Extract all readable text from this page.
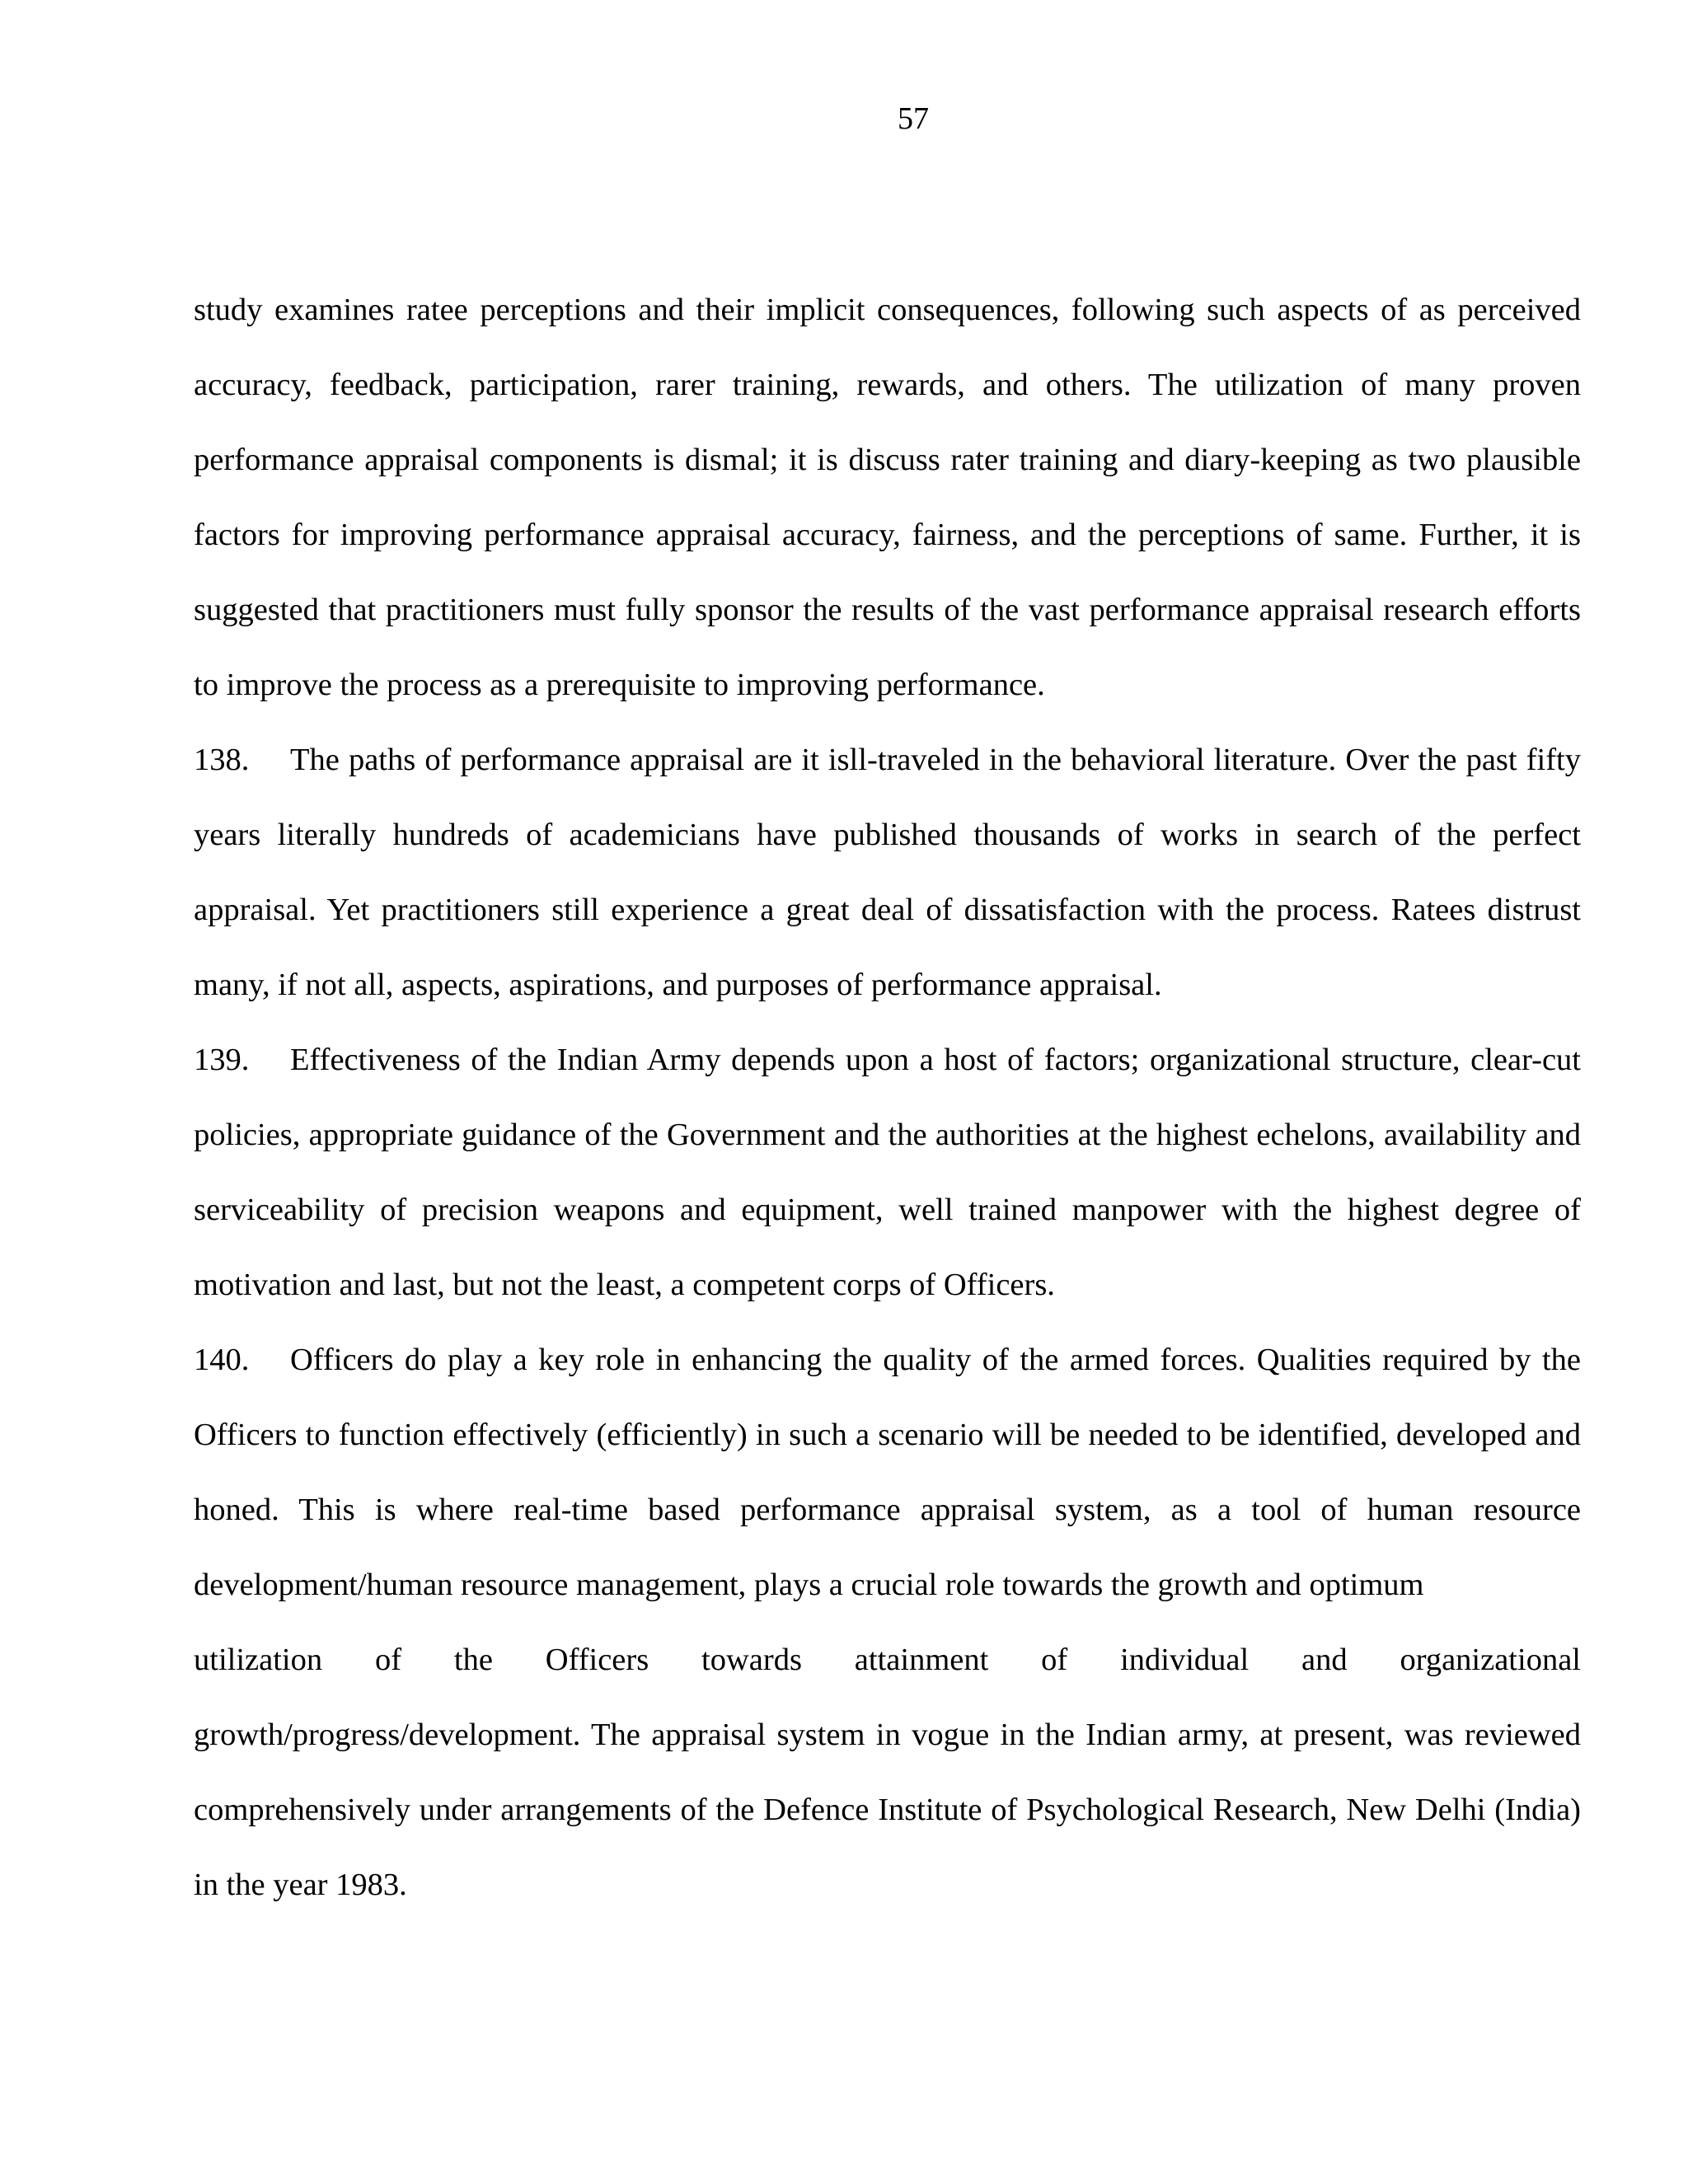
57

study examines ratee perceptions and their implicit consequences, following such aspects of as perceived accuracy, feedback, participation, rarer training, rewards, and others. The utilization of many proven performance appraisal components is dismal; it is discuss rater training and diary-keeping as two plausible factors for improving performance appraisal accuracy, fairness, and the perceptions of same. Further, it is suggested that practitioners must fully sponsor the results of the vast performance appraisal research efforts to improve the process as a prerequisite to improving performance.

138. The paths of performance appraisal are it isll-traveled in the behavioral literature. Over the past fifty years literally hundreds of academicians have published thousands of works in search of the perfect appraisal. Yet practitioners still experience a great deal of dissatisfaction with the process. Ratees distrust many, if not all, aspects, aspirations, and purposes of performance appraisal.

139. Effectiveness of the Indian Army depends upon a host of factors; organizational structure, clear-cut policies, appropriate guidance of the Government and the authorities at the highest echelons, availability and serviceability of precision weapons and equipment, well trained manpower with the highest degree of motivation and last, but not the least, a competent corps of Officers.

140. Officers do play a key role in enhancing the quality of the armed forces. Qualities required by the Officers to function effectively (efficiently) in such a scenario will be needed to be identified, developed and honed. This is where real-time based performance appraisal system, as a tool of human resource development/human resource management, plays a crucial role towards the growth and optimum

utilization of the Officers towards attainment of individual and organizational

growth/progress/development. The appraisal system in vogue in the Indian army, at present, was reviewed comprehensively under arrangements of the Defence Institute of Psychological Research, New Delhi (India) in the year 1983.
